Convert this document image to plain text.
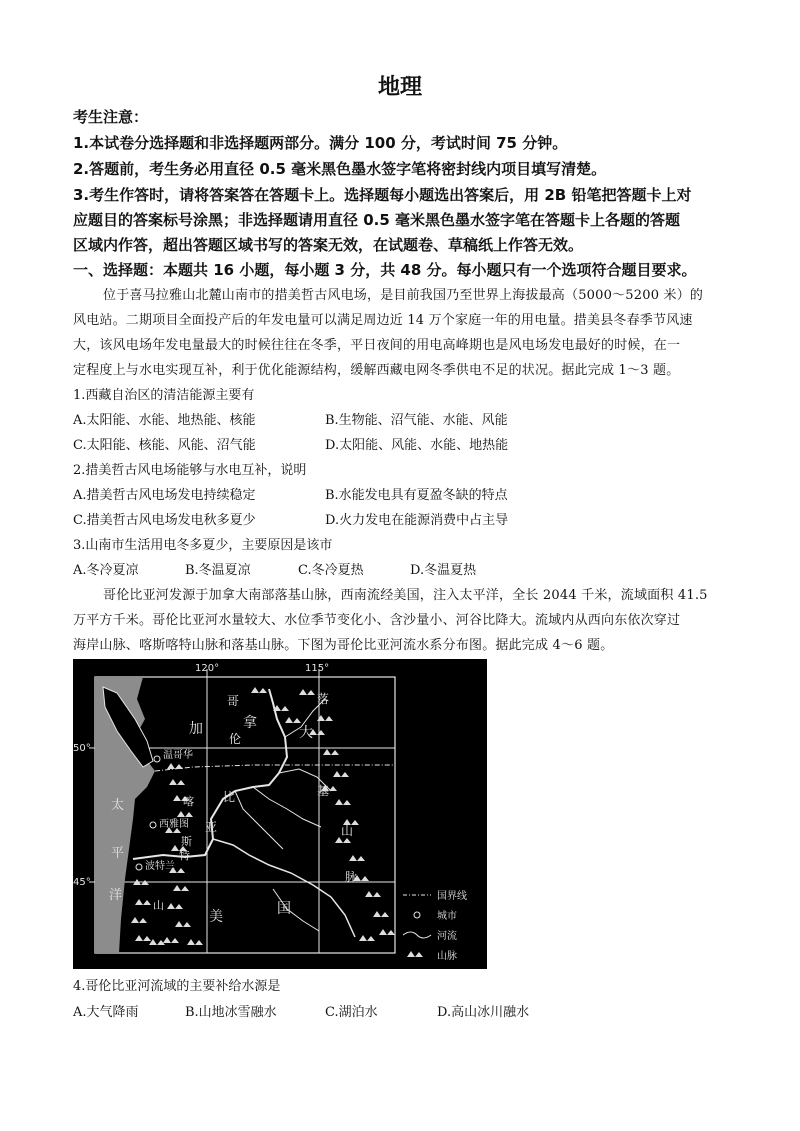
地理
考生注意：
1.本试卷分选择题和非选择题两部分。满分 100 分，考试时间 75 分钟。
2.答题前，考生务必用直径 0.5 毫米黑色墨水签字笔将密封线内项目填写清楚。
3.考生作答时，请将答案答在答题卡上。选择题每小题选出答案后，用 2B 铅笔把答题卡上对
应题目的答案标号涂黑；非选择题请用直径 0.5 毫米黑色墨水签字笔在答题卡上各题的答题
区域内作答，超出答题区域书写的答案无效，在试题卷、草稿纸上作答无效。
一、选择题：本题共 16 小题，每小题 3 分，共 48 分。每小题只有一个选项符合题目要求。
位于喜马拉雅山北麓山南市的措美哲古风电场，是目前我国乃至世界上海拔最高（5000～5200 米）的
风电站。二期项目全面投产后的年发电量可以满足周边近 14 万个家庭一年的用电量。措美县冬春季节风速
大，该风电场年发电量最大的时候往往在冬季，平日夜间的用电高峰期也是风电场发电最好的时候，在一
定程度上与水电实现互补，利于优化能源结构，缓解西藏电网冬季供电不足的状况。据此完成 1～3 题。
1.西藏自治区的清洁能源主要有
A.太阳能、水能、地热能、核能	B.生物能、沼气能、水能、风能
C.太阳能、核能、风能、沼气能	D.太阳能、风能、水能、地热能
2.措美哲古风电场能够与水电互补，说明
A.措美哲古风电场发电持续稳定	B.水能发电具有夏盈冬缺的特点
C.措美哲古风电场发电秋多夏少	D.火力发电在能源消费中占主导
3.山南市生活用电冬多夏少，主要原因是该市
A.冬冷夏凉	B.冬温夏凉	C.冬冷夏热	D.冬温夏热
哥伦比亚河发源于加拿大南部落基山脉，西南流经美国，注入太平洋，全长 2044 千米，流域面积 41.5
万平方千米。哥伦比亚河水量较大、水位季节变化小、含沙量小、河谷比降大。流域内从西向东依次穿过
海岸山脉、喀斯喀特山脉和落基山脉。下图为哥伦比亚河流水系分布图。据此完成 4～6 题。
120°	115°
50°
45°
加	拿
大
哥
伦
比
亚
落
基
山
脉
太
平
洋
美	国
温哥华
西雅图
波特兰
喀
斯
特
山
国界线
城市
河流
山脉
4.哥伦比亚河流域的主要补给水源是
A.大气降雨	B.山地冰雪融水	C.湖泊水	D.高山冰川融水
